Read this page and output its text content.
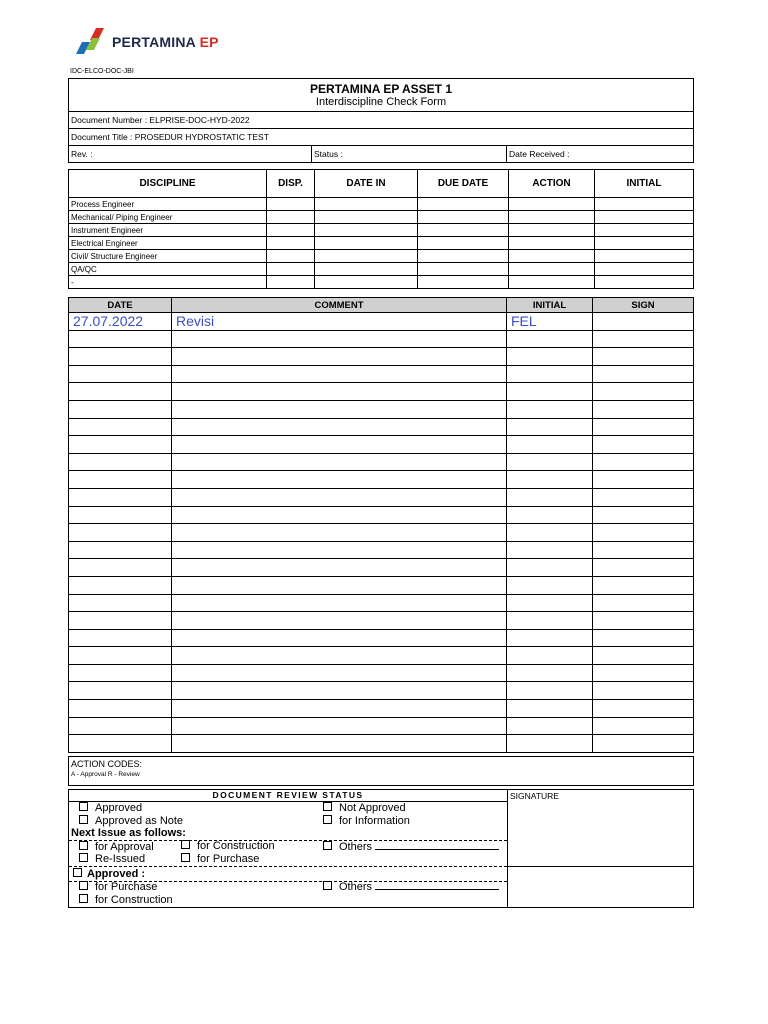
PERTAMINA EP
IDC-ELCO-DOC-JBI
PERTAMINA EP ASSET 1
Interdiscipline Check Form

Document Number : ELPRISE-DOC-HYD-2022
Document Title : PROSEDUR HYDROSTATIC TEST
Rev. :	Status :	Date Received :
DISCIPLINE	DISP.	DATE IN	DUE DATE	ACTION	INITIAL
Process Engineer					
Mechanical/ Piping Engineer					
Instrument Engineer					
Electrical Engineer					
Civil/ Structure Engineer					
QA/QC					
-					
DATE	COMMENT	INITIAL	SIGN
27.07.2022	Revisi	FEL	

ACTION CODES:
A - Approval R - Review
DOCUMENT REVIEW STATUS	SIGNATURE
Approved
Approved as Note
Not Approved
for Information
Next Issue as follows:
for Approval	for Construction	Others
Re-Issued	for Purchase
Approved :
for Purchase
for Construction
Others
